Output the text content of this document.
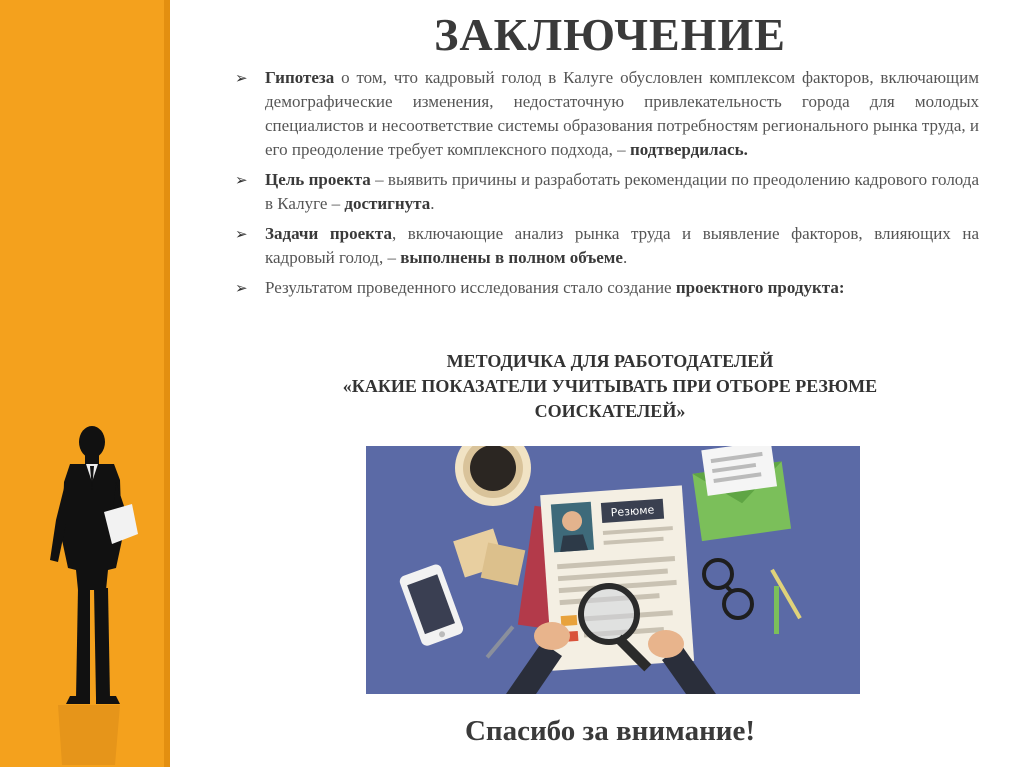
ЗАКЛЮЧЕНИЕ
➢	Гипотеза о том, что кадровый голод в Калуге обусловлен комплексом факторов, включающим демографические изменения, недостаточную привлекательность города для молодых специалистов и несоответствие системы образования потребностям регионального рынка труда, и его преодоление требует комплексного подхода, – подтвердилась.
➢	Цель проекта – выявить причины и разработать рекомендации по преодолению кадрового голода в Калуге – достигнута.
➢	Задачи проекта, включающие анализ рынка труда и выявление факторов, влияющих на кадровый голод, – выполнены в полном объеме.
➢	Результатом проведенного исследования стало создание проектного продукта:
МЕТОДИЧКА ДЛЯ РАБОТОДАТЕЛЕЙ
«КАКИЕ ПОКАЗАТЕЛИ УЧИТЫВАТЬ ПРИ ОТБОРЕ РЕЗЮМЕ СОИСКАТЕЛЕЙ»
Резюме
Спасибо за внимание!
